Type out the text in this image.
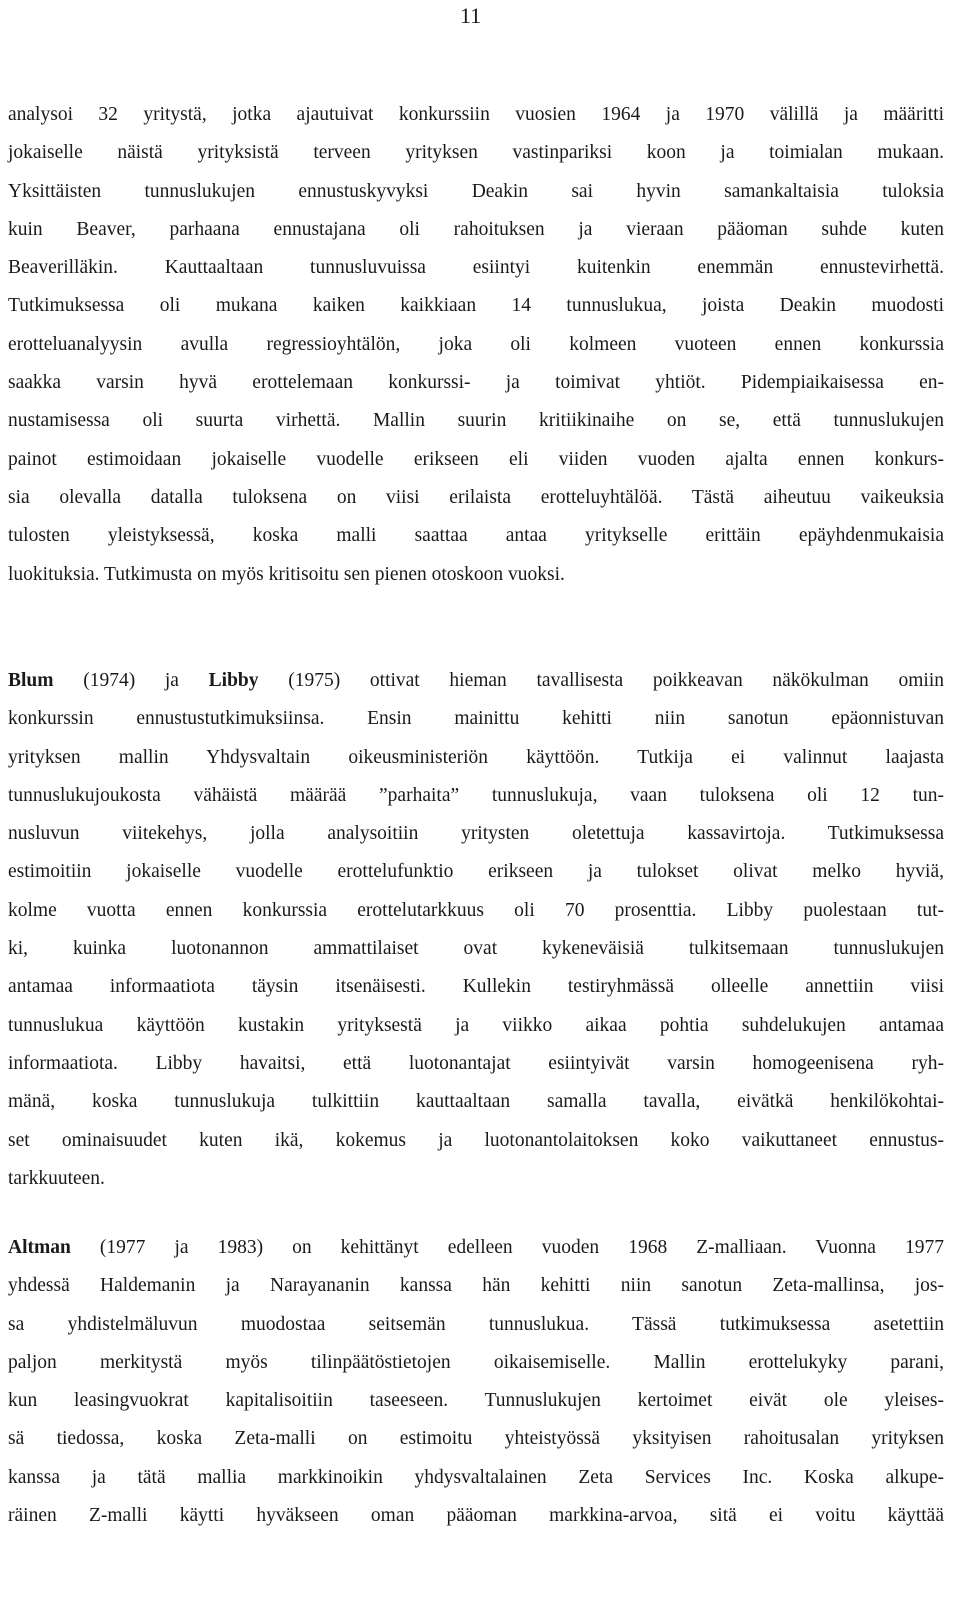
11

analysoi 32 yritystä, jotka ajautuivat konkurssiin vuosien 1964 ja 1970 välillä ja määritti
jokaiselle näistä yrityksistä terveen yrityksen vastinpariksi koon ja toimialan mukaan.
Yksittäisten tunnuslukujen ennustuskyvyksi Deakin sai hyvin samankaltaisia tuloksia
kuin Beaver, parhaana ennustajana oli rahoituksen ja vieraan pääoman suhde kuten
Beaverilläkin. Kauttaaltaan tunnusluvuissa esiintyi kuitenkin enemmän ennustevirhettä.
Tutkimuksessa oli mukana kaiken kaikkiaan 14 tunnuslukua, joista Deakin muodosti
erotteluanalyysin avulla regressioyhtälön, joka oli kolmeen vuoteen ennen konkurssia
saakka varsin hyvä erottelemaan konkurssi- ja toimivat yhtiöt. Pidempiaikaisessa en-
nustamisessa oli suurta virhettä. Mallin suurin kritiikinaihe on se, että tunnuslukujen
painot estimoidaan jokaiselle vuodelle erikseen eli viiden vuoden ajalta ennen konkurs-
sia olevalla datalla tuloksena on viisi erilaista erotteluyhtälöä. Tästä aiheutuu vaikeuksia
tulosten yleistyksessä, koska malli saattaa antaa yritykselle erittäin epäyhdenmukaisia
luokituksia. Tutkimusta on myös kritisoitu sen pienen otoskoon vuoksi.

Blum (1974) ja Libby (1975) ottivat hieman tavallisesta poikkeavan näkökulman omiin
konkurssin ennustustutkimuksiinsa. Ensin mainittu kehitti niin sanotun epäonnistuvan
yrityksen mallin Yhdysvaltain oikeusministeriön käyttöön. Tutkija ei valinnut laajasta
tunnuslukujoukosta vähäistä määrää ”parhaita” tunnuslukuja, vaan tuloksena oli 12 tun-
nusluvun viitekehys, jolla analysoitiin yritysten oletettuja kassavirtoja. Tutkimuksessa
estimoitiin jokaiselle vuodelle erottelufunktio erikseen ja tulokset olivat melko hyviä,
kolme vuotta ennen konkurssia erottelutarkkuus oli 70 prosenttia. Libby puolestaan tut-
ki, kuinka luotonannon ammattilaiset ovat kykeneväisiä tulkitsemaan tunnuslukujen
antamaa informaatiota täysin itsenäisesti. Kullekin testiryhmässä olleelle annettiin viisi
tunnuslukua käyttöön kustakin yrityksestä ja viikko aikaa pohtia suhdelukujen antamaa
informaatiota. Libby havaitsi, että luotonantajat esiintyivät varsin homogeenisena ryh-
mänä, koska tunnuslukuja tulkittiin kauttaaltaan samalla tavalla, eivätkä henkilökohtai-
set ominaisuudet kuten ikä, kokemus ja luotonantolaitoksen koko vaikuttaneet ennustus-
tarkkuuteen.

Altman (1977 ja 1983) on kehittänyt edelleen vuoden 1968 Z-malliaan. Vuonna 1977
yhdessä Haldemanin ja Narayananin kanssa hän kehitti niin sanotun Zeta-mallinsa, jos-
sa yhdistelmäluvun muodostaa seitsemän tunnuslukua. Tässä tutkimuksessa asetettiin
paljon merkitystä myös tilinpäätöstietojen oikaisemiselle. Mallin erottelukyky parani,
kun leasingvuokrat kapitalisoitiin taseeseen. Tunnuslukujen kertoimet eivät ole yleises-
sä tiedossa, koska Zeta-malli on estimoitu yhteistyössä yksityisen rahoitusalan yrityksen
kanssa ja tätä mallia markkinoikin yhdysvaltalainen Zeta Services Inc. Koska alkupe-
räinen Z-malli käytti hyväkseen oman pääoman markkina-arvoa, sitä ei voitu käyttää
